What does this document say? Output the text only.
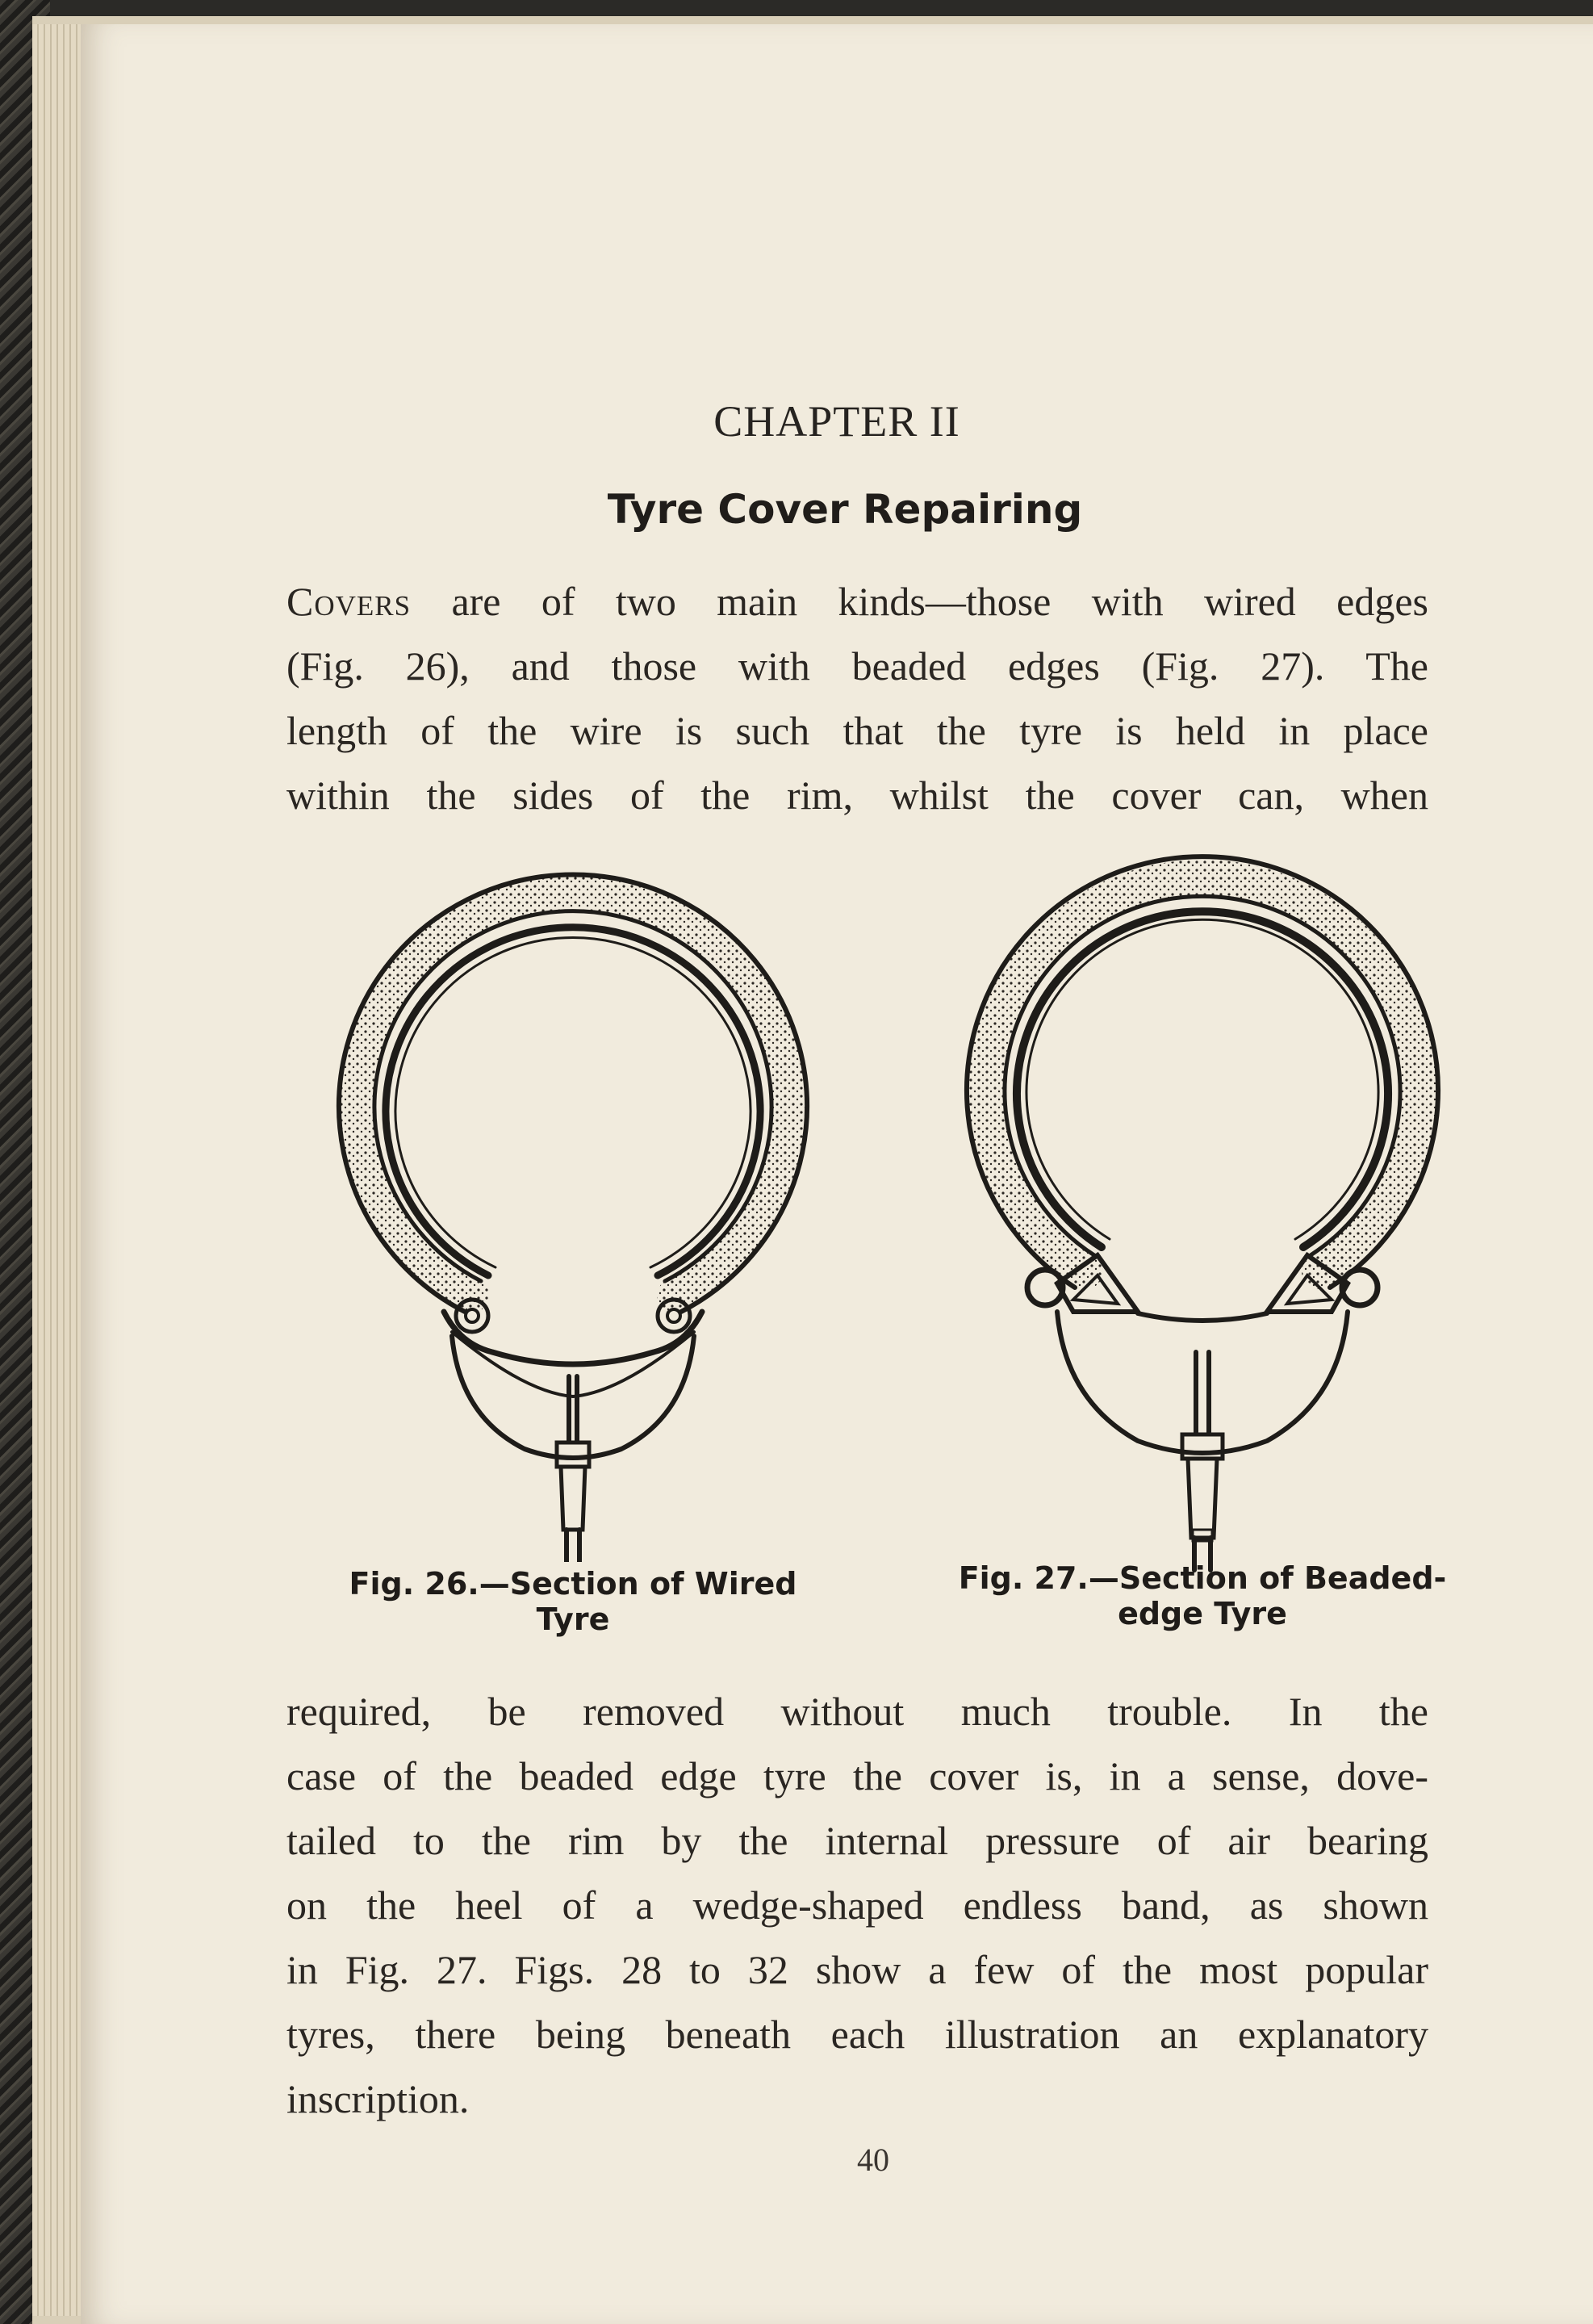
CHAPTER II
Tyre Cover Repairing
Covers are of two main kinds—those with wired edges
(Fig. 26), and those with beaded edges (Fig. 27). The
length of the wire is such that the tyre is held in place
within the sides of the rim, whilst the cover can, when
Fig. 26.—Section of Wired
Tyre
Fig. 27.—Section of Beaded-
edge Tyre
required, be removed without much trouble. In the
case of the beaded edge tyre the cover is, in a sense, dove-
tailed to the rim by the internal pressure of air bearing
on the heel of a wedge-shaped endless band, as shown
in Fig. 27. Figs. 28 to 32 show a few of the most popular
tyres, there being beneath each illustration an explanatory
inscription.
40
